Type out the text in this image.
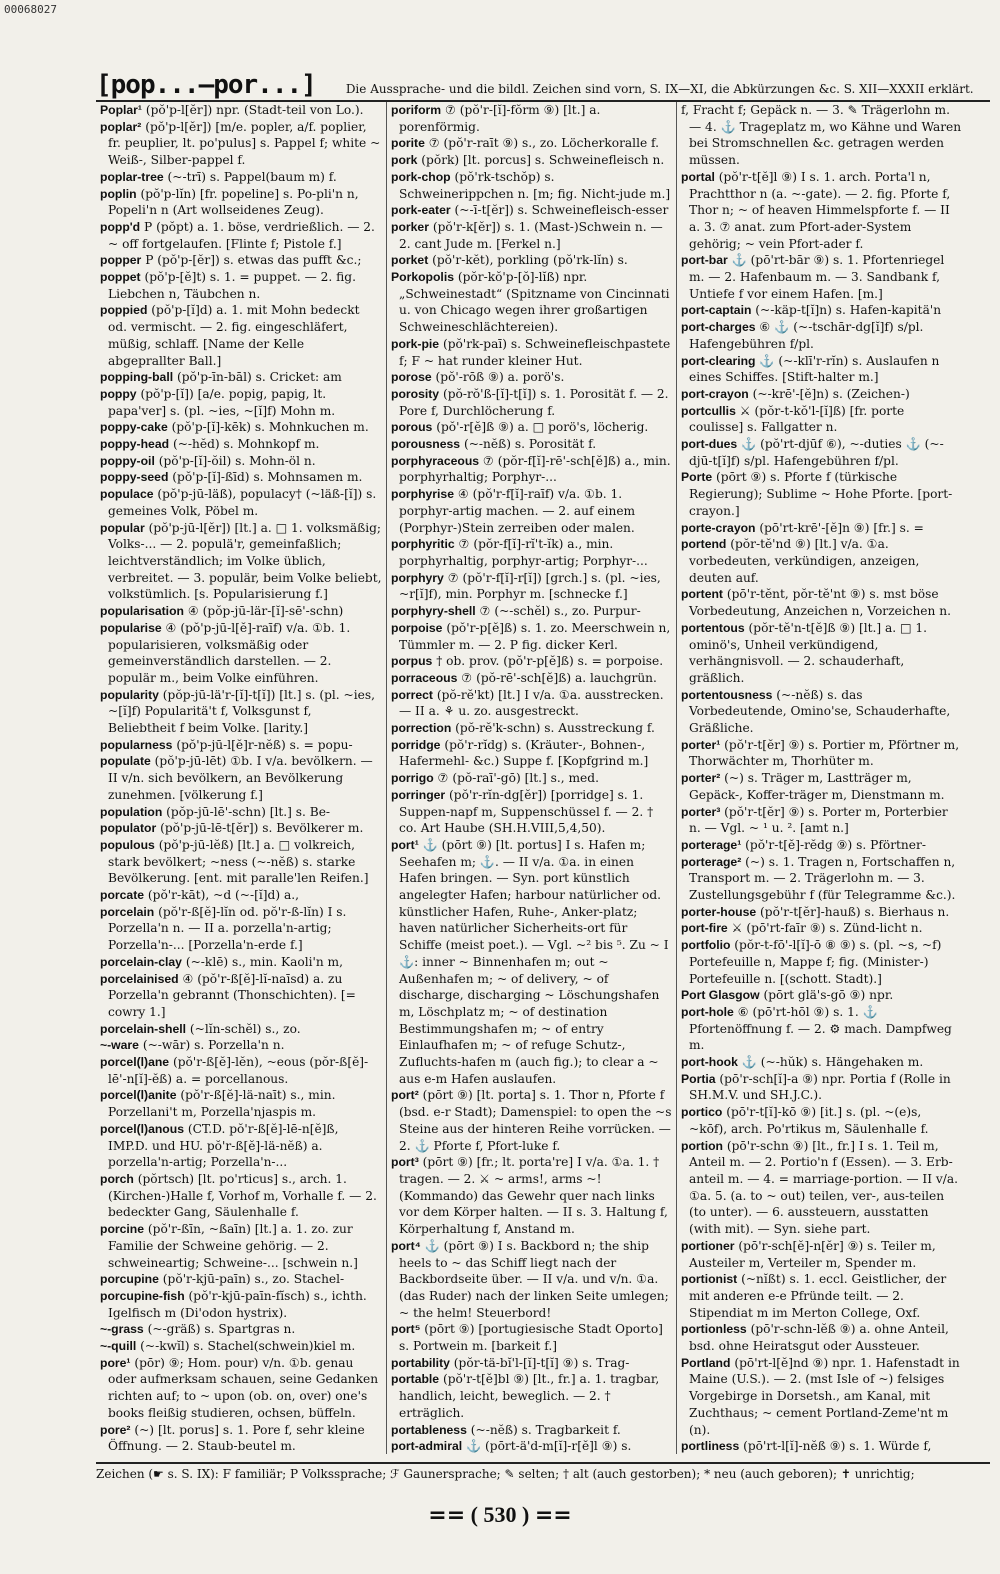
00068027
[pop...—por...]	Die Aussprache- und die bildl. Zeichen sind vorn, S. IX—XI, die Abkürzungen &c. S. XII—XXXII erklärt.

Poplar¹ (pŏ'p-l[ĕr]) npr. (Stadt-teil von Lo.).

poplar² (pŏ'p-l[ĕr]) [m/e. popler, a/f. poplier, fr. peuplier, lt. po'pulus] s. Pappel f; white ~ Weiß-, Silber-pappel f.

poplar-tree (~-trī) s. Pappel(baum m) f.

poplin (pŏ'p-lĭn) [fr. popeline] s. Po-pli'n n, Popeli'n n (Art wollseidenes Zeug).

popp'd P (pŏpt) a. 1. böse, verdrießlich. — 2. ~ off fortgelaufen. [Flinte f; Pistole f.]

popper P (pŏ'p-[ĕr]) s. etwas das pufft &c.;

poppet (pŏ'p-[ĕ]t) s. 1. = puppet. — 2. fig. Liebchen n, Täubchen n.

poppied (pŏ'p-[ĭ]d) a. 1. mit Mohn bedeckt od. vermischt. — 2. fig. eingeschläfert, müßig, schlaff. [Name der Kelle abgeprallter Ball.]

popping-ball (pŏ'p-īn-bāl) s. Cricket: am

poppy (pŏ'p-[ĭ]) [a/e. popig, papig, lt. papa'ver] s. (pl. ~ies, ~[ĭ]f) Mohn m.

poppy-cake (pŏ'p-[ĭ]-kēk) s. Mohnkuchen m.

poppy-head (~-hĕd) s. Mohnkopf m.

poppy-oil (pŏ'p-[ĭ]-ŏil) s. Mohn-öl n.

poppy-seed (pŏ'p-[ĭ]-ßīd) s. Mohnsamen m.

populace (pŏ'p-jū-läß), populacy† (~läß-[ĭ]) s. gemeines Volk, Pöbel m.

popular (pŏ'p-jū-l[ĕr]) [lt.] a. □ 1. volksmäßig; Volks-... — 2. populä'r, gemeinfaßlich; leichtverständlich; im Volke üblich, verbreitet. — 3. populär, beim Volke beliebt, volkstümlich. [s. Popularisierung f.]

popularisation ④ (pŏp-jū-lär-[ĭ]-sē'-schn)

popularise ④ (pŏ'p-jū-l[ĕ]-raīf) v/a. ①b. 1. popularisieren, volksmäßig oder gemeinverständlich darstellen. — 2. populär m., beim Volke einführen.

popularity (pŏp-jū-lä'r-[ĭ]-t[ĭ]) [lt.] s. (pl. ~ies, ~[ĭ]f) Popularitä't f, Volksgunst f, Beliebtheit f beim Volke. [larity.]

popularness (pŏ'p-jū-l[ĕ]r-nĕß) s. = popu-

populate (pŏ'p-jū-lēt) ①b. I v/a. bevölkern. — II v/n. sich bevölkern, an Bevölkerung zunehmen. [völkerung f.]

population (pŏp-jū-lē'-schn) [lt.] s. Be-

populator (pŏ'p-jū-lē-t[ĕr]) s. Bevölkerer m.

populous (pŏ'p-jū-lĕß) [lt.] a. □ volkreich, stark bevölkert; ~ness (~-nĕß) s. starke Bevölkerung. [ent. mit paralle'len Reifen.]

porcate (pŏ'r-kāt), ~d (~-[ĭ]d) a.,

porcelain (pŏ'r-ß[ĕ]-lĭn od. pŏ'r-ß-lĭn) I s. Porzella'n n. — II a. porzella'n-artig; Porzella'n-... [Porzella'n-erde f.]

porcelain-clay (~-klē) s., min. Kaoli'n m,

porcelainised ④ (pŏ'r-ß[ĕ]-lĭ-naīsd) a. zu Porzella'n gebrannt (Thonschichten). [= cowry 1.]

porcelain-shell (~lĭn-schĕl) s., zo.

~-ware (~-wār) s. Porzella'n n.

porcel(l)ane (pŏ'r-ß[ĕ]-lĕn), ~eous (pŏr-ß[ĕ]-lē'-n[ĭ]-ĕß) a. = porcellanous.

porcel(l)anite (pŏ'r-ß[ĕ]-lä-naīt) s., min. Porzellani't m, Porzella'njaspis m.

porcel(l)anous (CT.D. pŏ'r-ß[ĕ]-lē-n[ĕ]ß, IMP.D. und HU. pŏ'r-ß[ĕ]-lä-nĕß) a. porzella'n-artig; Porzella'n-...

porch (pŏrtsch) [lt. po'rticus] s., arch. 1. (Kirchen-)Halle f, Vorhof m, Vorhalle f. — 2. bedeckter Gang, Säulenhalle f.

porcine (pŏ'r-ßīn, ~ßaīn) [lt.] a. 1. zo. zur Familie der Schweine gehörig. — 2. schweineartig; Schweine-... [schwein n.]

porcupine (pŏ'r-kjū-paīn) s., zo. Stachel-

porcupine-fish (pŏ'r-kjū-paīn-fĭsch) s., ichth. Igelfisch m (Di'odon hystrix).

~-grass (~-gräß) s. Spartgras n.

~-quill (~-kwĭl) s. Stachel(schwein)kiel m.

pore¹ (pōr) ⑨; Hom. pour) v/n. ①b. genau oder aufmerksam schauen, seine Gedanken richten auf; to ~ upon (ob. on, over) one's books fleißig studieren, ochsen, büffeln.

pore² (~) [lt. porus] s. 1. Pore f, sehr kleine Öffnung. — 2. Staub-beutel m.

poriform ⑦ (pŏ'r-[ĭ]-fŏrm ⑨) [lt.] a. porenförmig.

porite ⑦ (pŏ'r-raīt ⑨) s., zo. Löcherkoralle f.

pork (pŏrk) [lt. porcus] s. Schweinefleisch n.

pork-chop (pŏ'rk-tschŏp) s. Schweinerippchen n. [m; fig. Nicht-jude m.]

pork-eater (~-ī-t[ĕr]) s. Schweinefleisch-esser

porker (pŏ'r-k[ĕr]) s. 1. (Mast-)Schwein n. — 2. cant Jude m. [Ferkel n.]

porket (pŏ'r-kĕt), porkling (pŏ'rk-lĭn) s.

Porkopolis (pŏr-kŏ'p-[ŏ]-lĭß) npr. „Schweinestadt“ (Spitzname von Cincinnati u. von Chicago wegen ihrer großartigen Schweineschlächtereien).

pork-pie (pŏ'rk-paī) s. Schweinefleischpastete f; F ~ hat runder kleiner Hut.

porose (pŏ'-rōß ⑨) a. porö's.

porosity (pŏ-rŏ'ß-[ĭ]-t[ĭ]) s. 1. Porosität f. — 2. Pore f, Durchlöcherung f.

porous (pŏ'-r[ĕ]ß ⑨) a. □ porö's, löcherig.

porousness (~-nĕß) s. Porosität f.

porphyraceous ⑦ (pŏr-f[ĭ]-rē'-sch[ĕ]ß) a., min. porphyrhaltig; Porphyr-...

porphyrise ④ (pŏ'r-f[ĭ]-raīf) v/a. ①b. 1. porphyr-artig machen. — 2. auf einem (Porphyr-)Stein zerreiben oder malen.

porphyritic ⑦ (pŏr-f[ĭ]-rĭ't-ĭk) a., min. porphyrhaltig, porphyr-artig; Porphyr-...

porphyry ⑦ (pŏ'r-f[ĭ]-r[ĭ]) [grch.] s. (pl. ~ies, ~r[ĭ]f), min. Porphyr m. [schnecke f.]

porphyry-shell ⑦ (~-schĕl) s., zo. Purpur-

porpoise (pŏ'r-p[ĕ]ß) s. 1. zo. Meerschwein n, Tümmler m. — 2. P fig. dicker Kerl.

porpus † ob. prov. (pŏ'r-p[ĕ]ß) s. = porpoise.

porraceous ⑦ (pŏ-rē'-sch[ĕ]ß) a. lauchgrün.

porrect (pŏ-rĕ'kt) [lt.] I v/a. ①a. ausstrecken. — II a. ⚘ u. zo. ausgestreckt.

porrection (pŏ-rĕ'k-schn) s. Ausstreckung f.

porridge (pŏ'r-rĭdg) s. (Kräuter-, Bohnen-, Hafermehl- &c.) Suppe f. [Kopfgrind m.]

porrigo ⑦ (pŏ-raī'-gō) [lt.] s., med.

porringer (pŏ'r-rĭn-dg[ĕr]) [porridge] s. 1. Suppen-napf m, Suppenschüssel f. — 2. † co. Art Haube (SH.H.VIII,5,4,50).

port¹ ⚓ (pōrt ⑨) [lt. portus] I s. Hafen m; Seehafen m; ⚓. — II v/a. ①a. in einen Hafen bringen. — Syn. port künstlich angelegter Hafen; harbour natürlicher od. künstlicher Hafen, Ruhe-, Anker-platz; haven natürlicher Sicherheits-ort für Schiffe (meist poet.). — Vgl. ~² bis ⁵. Zu ~ I ⚓: inner ~ Binnenhafen m; out ~ Außenhafen m; ~ of delivery, ~ of discharge, discharging ~ Löschungshafen m, Löschplatz m; ~ of destination Bestimmungshafen m; ~ of entry Einlaufhafen m; ~ of refuge Schutz-, Zufluchts-hafen m (auch fig.); to clear a ~ aus e-m Hafen auslaufen.

port² (pōrt ⑨) [lt. porta] s. 1. Thor n, Pforte f (bsd. e-r Stadt); Damenspiel: to open the ~s Steine aus der hinteren Reihe vorrücken. — 2. ⚓ Pforte f, Pfort-luke f.

port³ (pōrt ⑨) [fr.; lt. porta're] I v/a. ①a. 1. † tragen. — 2. ⚔ ~ arms!, arms ~! (Kommando) das Gewehr quer nach links vor dem Körper halten. — II s. 3. Haltung f, Körperhaltung f, Anstand m.

port⁴ ⚓ (pōrt ⑨) I s. Backbord n; the ship heels to ~ das Schiff liegt nach der Backbordseite über. — II v/a. und v/n. ①a. (das Ruder) nach der linken Seite umlegen; ~ the helm! Steuerbord!

port⁵ (pōrt ⑨) [portugiesische Stadt Oporto] s. Portwein m. [barkeit f.]

portability (pŏr-tä-bĭ'l-[ĭ]-t[ĭ] ⑨) s. Trag-

portable (pŏ'r-t[ĕ]bl ⑨) [lt., fr.] a. 1. tragbar, handlich, leicht, beweglich. — 2. † erträglich.

portableness (~-nĕß) s. Tragbarkeit f.

port-admiral ⚓ (pōrt-ä'd-m[ĭ]-r[ĕ]l ⑨) s.

f, Fracht f; Gepäck n. — 3. ✎ Trägerlohn m. — 4. ⚓ Trageplatz m, wo Kähne und Waren bei Stromschnellen &c. getragen werden müssen.

portal (pŏ'r-t[ĕ]l ⑨) I s. 1. arch. Porta'l n, Prachtthor n (a. ~-gate). — 2. fig. Pforte f, Thor n; ~ of heaven Himmelspforte f. — II a. 3. ⑦ anat. zum Pfort-ader-System gehörig; ~ vein Pfort-ader f.

port-bar ⚓ (pō'rt-bār ⑨) s. 1. Pfortenriegel m. — 2. Hafenbaum m. — 3. Sandbank f, Untiefe f vor einem Hafen. [m.]

port-captain (~-käp-t[ĭ]n) s. Hafen-kapitä'n

port-charges ⑥ ⚓ (~-tschār-dg[ĭ]f) s/pl. Hafengebühren f/pl.

port-clearing ⚓ (~-klī'r-rĭn) s. Auslaufen n eines Schiffes. [Stift-halter m.]

port-crayon (~-krē'-[ĕ]n) s. (Zeichen-)

portcullis ⚔ (pŏr-t-kŏ'l-[ĭ]ß) [fr. porte coulisse] s. Fallgatter n.

port-dues ⚓ (pŏ'rt-djūf ⑥), ~-duties ⚓ (~-djū-t[ĭ]f) s/pl. Hafengebühren f/pl.

Porte (pōrt ⑨) s. Pforte f (türkische Regierung); Sublime ~ Hohe Pforte. [port-crayon.]

porte-crayon (pō'rt-krē'-[ĕ]n ⑨) [fr.] s. =

portend (pŏr-tĕ'nd ⑨) [lt.] v/a. ①a. vorbedeuten, verkündigen, anzeigen, deuten auf.

portent (pō'r-tĕnt, pŏr-tĕ'nt ⑨) s. mst böse Vorbedeutung, Anzeichen n, Vorzeichen n.

portentous (pŏr-tĕ'n-t[ĕ]ß ⑨) [lt.] a. □ 1. ominö's, Unheil verkündigend, verhängnisvoll. — 2. schauderhaft, gräßlich.

portentousness (~-nĕß) s. das Vorbedeutende, Omino'se, Schauderhafte, Gräßliche.

porter¹ (pŏ'r-t[ĕr] ⑨) s. Portier m, Pförtner m, Thorwächter m, Thorhüter m.

porter² (~) s. Träger m, Lastträger m, Gepäck-, Koffer-träger m, Dienstmann m.

porter³ (pŏ'r-t[ĕr] ⑨) s. Porter m, Porterbier n. — Vgl. ~ ¹ u. ². [amt n.]

porterage¹ (pŏ'r-t[ĕ]-rĕdg ⑨) s. Pförtner-

porterage² (~) s. 1. Tragen n, Fortschaffen n, Transport m. — 2. Trägerlohn m. — 3. Zustellungsgebühr f (für Telegramme &c.).

porter-house (pŏ'r-t[ĕr]-hauß) s. Bierhaus n.

port-fire ⚔ (pō'rt-faīr ⑨) s. Zünd-licht n.

portfolio (pŏr-t-fō'-l[ĭ]-ō ⑧ ⑨) s. (pl. ~s, ~f) Portefeuille n, Mappe f; fig. (Minister-) Portefeuille n. [(schott. Stadt).]

Port Glasgow (pōrt glä's-gō ⑨) npr.

port-hole ⑥ (pō'rt-hōl ⑨) s. 1. ⚓ Pfortenöffnung f. — 2. ⚙ mach. Dampfweg m.

port-hook ⚓ (~-hŭk) s. Hängehaken m.

Portia (pō'r-sch[ĭ]-a ⑨) npr. Portia f (Rolle in SH.M.V. und SH.J.C.).

portico (pō'r-t[ĭ]-kō ⑨) [it.] s. (pl. ~(e)s, ~kōf), arch. Po'rtikus m, Säulenhalle f.

portion (pō'r-schn ⑨) [lt., fr.] I s. 1. Teil m, Anteil m. — 2. Portio'n f (Essen). — 3. Erb-anteil m. — 4. = marriage-portion. — II v/a. ①a. 5. (a. to ~ out) teilen, ver-, aus-teilen (to unter). — 6. aussteuern, ausstatten (with mit). — Syn. siehe part.

portioner (pō'r-sch[ĕ]-n[ĕr] ⑨) s. Teiler m, Austeiler m, Verteiler m, Spender m.

portionist (~nĭßt) s. 1. eccl. Geistlicher, der mit anderen e-e Pfründe teilt. — 2. Stipendiat m im Merton College, Oxf.

portionless (pō'r-schn-lĕß ⑨) a. ohne Anteil, bsd. ohne Heiratsgut oder Aussteuer.

Portland (pō'rt-l[ĕ]nd ⑨) npr. 1. Hafenstadt in Maine (U.S.). — 2. (mst Isle of ~) felsiges Vorgebirge in Dorsetsh., am Kanal, mit Zuchthaus; ~ cement Portland-Zeme'nt m (n).

portliness (pō'rt-l[ĭ]-nĕß ⑨) s. 1. Würde f,

Zeichen (☛ s. S. IX): F familiär; P Volkssprache; ℱ Gaunersprache; ✎ selten; † alt (auch gestorben); * neu (auch geboren); ✝ unrichtig;
== ( 530 ) ==
